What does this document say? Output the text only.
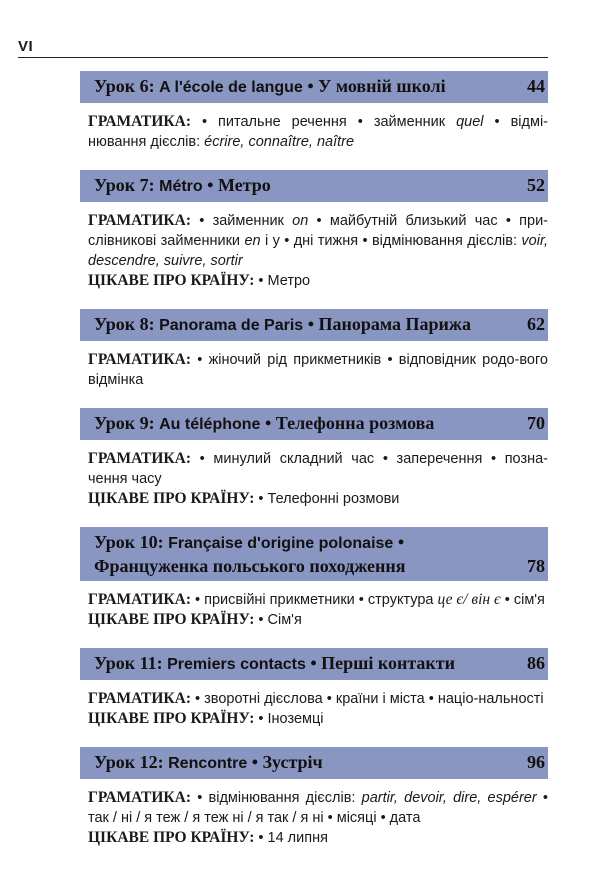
VI
Урок 6: A l'école de langue • У мовній школі	44

ГРАМАТИКА: • питальне речення • займенник quel • відмі-нювання дієслів: écrire, connaître, naître

Урок 7: Métro • Метро	52

ГРАМАТИКА: • займенник on • майбутній близький час • при-слівникові займенники en і у • дні тижня • відмінювання дієслів: voir, descendre, suivre, sortir

ЦІКАВЕ ПРО КРАЇНУ: • Метро

Урок 8: Panorama de Paris • Панорама Парижа	62

ГРАМАТИКА: • жіночий рід прикметників • відповідник родо-вого відмінка

Урок 9: Au téléphone • Телефонна розмова	70

ГРАМАТИКА: • минулий складний час • заперечення • позна-чення часу

ЦІКАВЕ ПРО КРАЇНУ: • Телефонні розмови

Урок 10: Française d'origine polonaise •
Француженка польського походження	78

ГРАМАТИКА: • присвійні прикметники • структура це є/ він є • сім'я

ЦІКАВЕ ПРО КРАЇНУ: • Сім'я

Урок 11: Premiers contacts • Перші контакти	86

ГРАМАТИКА: • зворотні дієслова • країни і міста • націо-нальності

ЦІКАВЕ ПРО КРАЇНУ: • Іноземці

Урок 12: Rencontre • Зустріч	96

ГРАМАТИКА: • відмінювання дієслів: partir, devoir, dire, espérer • так / ні / я теж / я теж ні / я так / я ні • місяці • дата

ЦІКАВЕ ПРО КРАЇНУ: • 14 липня
